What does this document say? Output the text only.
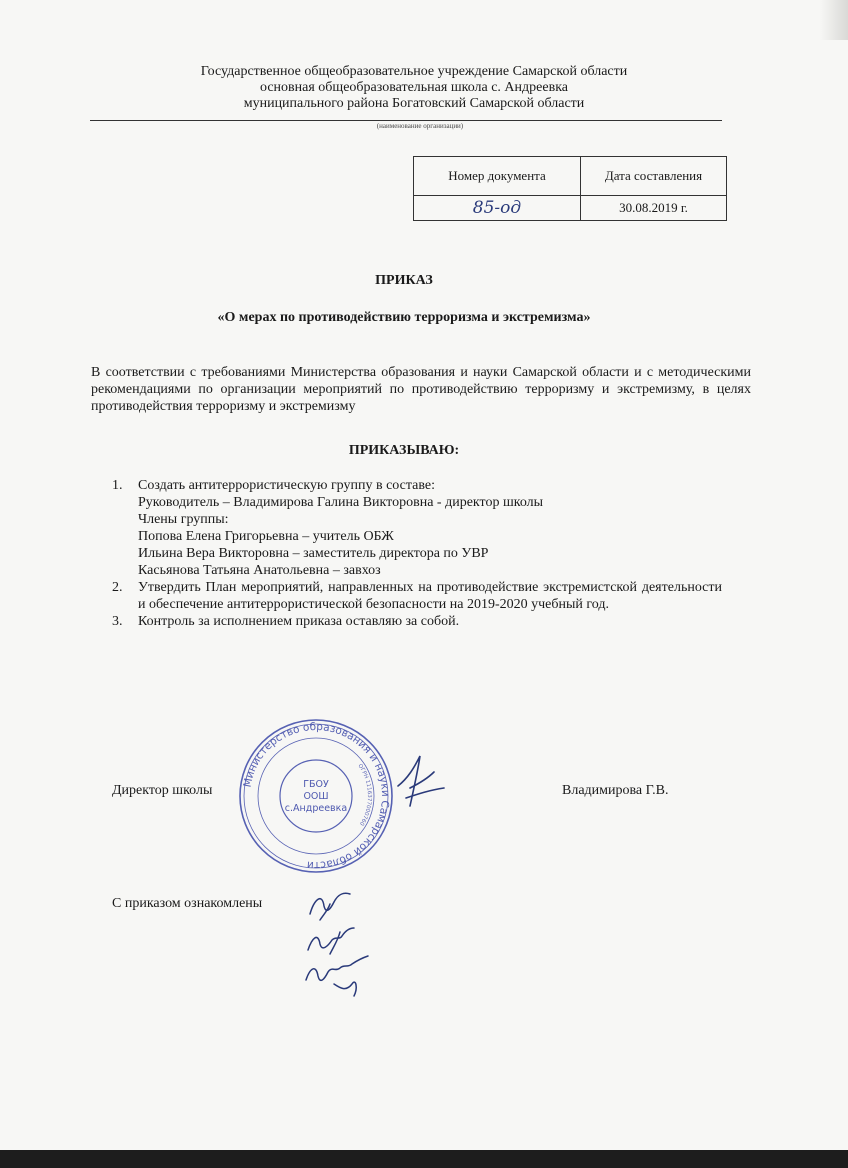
Государственное общеобразовательное учреждение Самарской области
основная общеобразовательная школа с. Андреевка
муниципального района Богатовский Самарской области
(наименование организации)
Номер документа	Дата составления
85-од	30.08.2019 г.
ПРИКАЗ
«О мерах по противодействию терроризма и экстремизма»
В соответствии с требованиями Министерства образования и науки Самарской области и с методическими рекомендациями по организации мероприятий по противодействию терроризму и экстремизму, в целях противодействия терроризму и экстремизму
ПРИКАЗЫВАЮ:
1. Создать антитеррористическую группу в составе:
Руководитель – Владимирова Галина Викторовна - директор школы
Члены группы:
Попова Елена Григорьевна – учитель ОБЖ
Ильина Вера Викторовна – заместитель директора по УВР
Касьянова Татьяна Анатольевна – завхоз
2. Утвердить План мероприятий, направленных на противодействие экстремистской деятельности и обеспечение антитеррористической безопасности на 2019-2020 учебный год.
3. Контроль за исполнением приказа оставляю за собой.
Министерство образования и науки Самарской области
ОГРН 1116377000760
ГБОУ
ООШ
с.Андреевка
Директор школы	Владимирова Г.В.
С приказом ознакомлены
